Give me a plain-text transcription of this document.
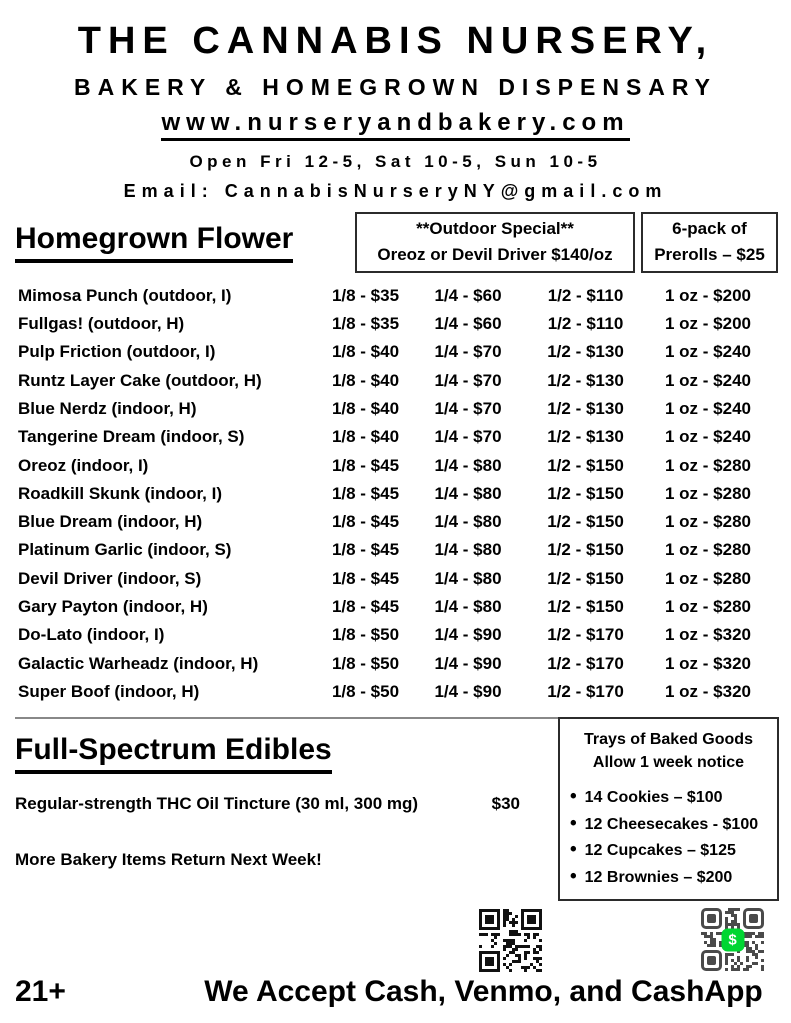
THE CANNABIS NURSERY,
BAKERY & HOMEGROWN DISPENSARY
www.nurseryandbakery.com
Open Fri 12-5, Sat 10-5, Sun 10-5
Email: CannabisNurseryNY@gmail.com
Homegrown Flower	**Outdoor Special**
Oreoz or Devil Driver $140/oz
6-pack of
Prerolls – $25
Mimosa Punch (outdoor, I)	1/8 - $35	1/4 - $60	1/2 - $110	1 oz - $200
Fullgas! (outdoor, H)	1/8 - $35	1/4 - $60	1/2 - $110	1 oz - $200
Pulp Friction (outdoor, I)	1/8 - $40	1/4 - $70	1/2 - $130	1 oz - $240
Runtz Layer Cake (outdoor, H)	1/8 - $40	1/4 - $70	1/2 - $130	1 oz - $240
Blue Nerdz (indoor, H)	1/8 - $40	1/4 - $70	1/2 - $130	1 oz - $240
Tangerine Dream (indoor, S)	1/8 - $40	1/4 - $70	1/2 - $130	1 oz - $240
Oreoz (indoor, I)	1/8 - $45	1/4 - $80	1/2 - $150	1 oz - $280
Roadkill Skunk (indoor, I)	1/8 - $45	1/4 - $80	1/2 - $150	1 oz - $280
Blue Dream (indoor, H)	1/8 - $45	1/4 - $80	1/2 - $150	1 oz - $280
Platinum Garlic (indoor, S)	1/8 - $45	1/4 - $80	1/2 - $150	1 oz - $280
Devil Driver (indoor, S)	1/8 - $45	1/4 - $80	1/2 - $150	1 oz - $280
Gary Payton (indoor, H)	1/8 - $45	1/4 - $80	1/2 - $150	1 oz - $280
Do-Lato (indoor, I)	1/8 - $50	1/4 - $90	1/2 - $170	1 oz - $320
Galactic Warheadz (indoor, H)	1/8 - $50	1/4 - $90	1/2 - $170	1 oz - $320
Super Boof (indoor, H)	1/8 - $50	1/4 - $90	1/2 - $170	1 oz - $320
Full-Spectrum Edibles
Regular-strength THC Oil Tincture (30 ml, 300 mg)	$30
More Bakery Items Return Next Week!
Trays of Baked Goods
Allow 1 week notice
• 14 Cookies – $100
• 12 Cheesecakes - $100
• 12 Cupcakes – $125
• 12 Brownies – $200
$
21+	We Accept Cash, Venmo, and CashApp
